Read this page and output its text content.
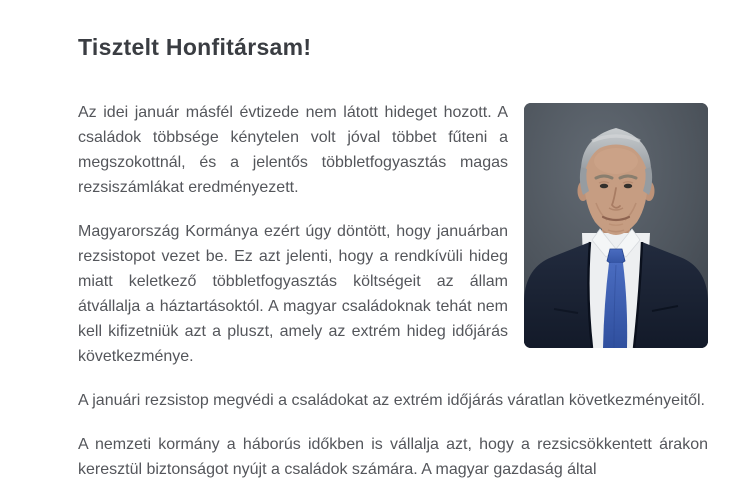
Tisztelt Honfitársam!

Az idei január másfél évtizede nem látott hideget hozott. A családok többsége kénytelen volt jóval többet fűteni a megszokottnál, és a jelentős többletfogyasztás magas rezsiszámlákat eredményezett.

Magyarország Kormánya ezért úgy döntött, hogy januárban rezsistopot vezet be. Ez azt jelenti, hogy a rendkívüli hideg miatt keletkező többletfogyasztás költségeit az állam átvállalja a háztartásoktól. A magyar családoknak tehát nem kell kifizetniük azt a pluszt, amely az extrém hideg időjárás következménye.

A januári rezsistop megvédi a családokat az extrém időjárás váratlan következményeitől.

A nemzeti kormány a háborús időkben is vállalja azt, hogy a rezsicsökkentett árakon keresztül biztonságot nyújt a családok számára. A magyar gazdaság által
